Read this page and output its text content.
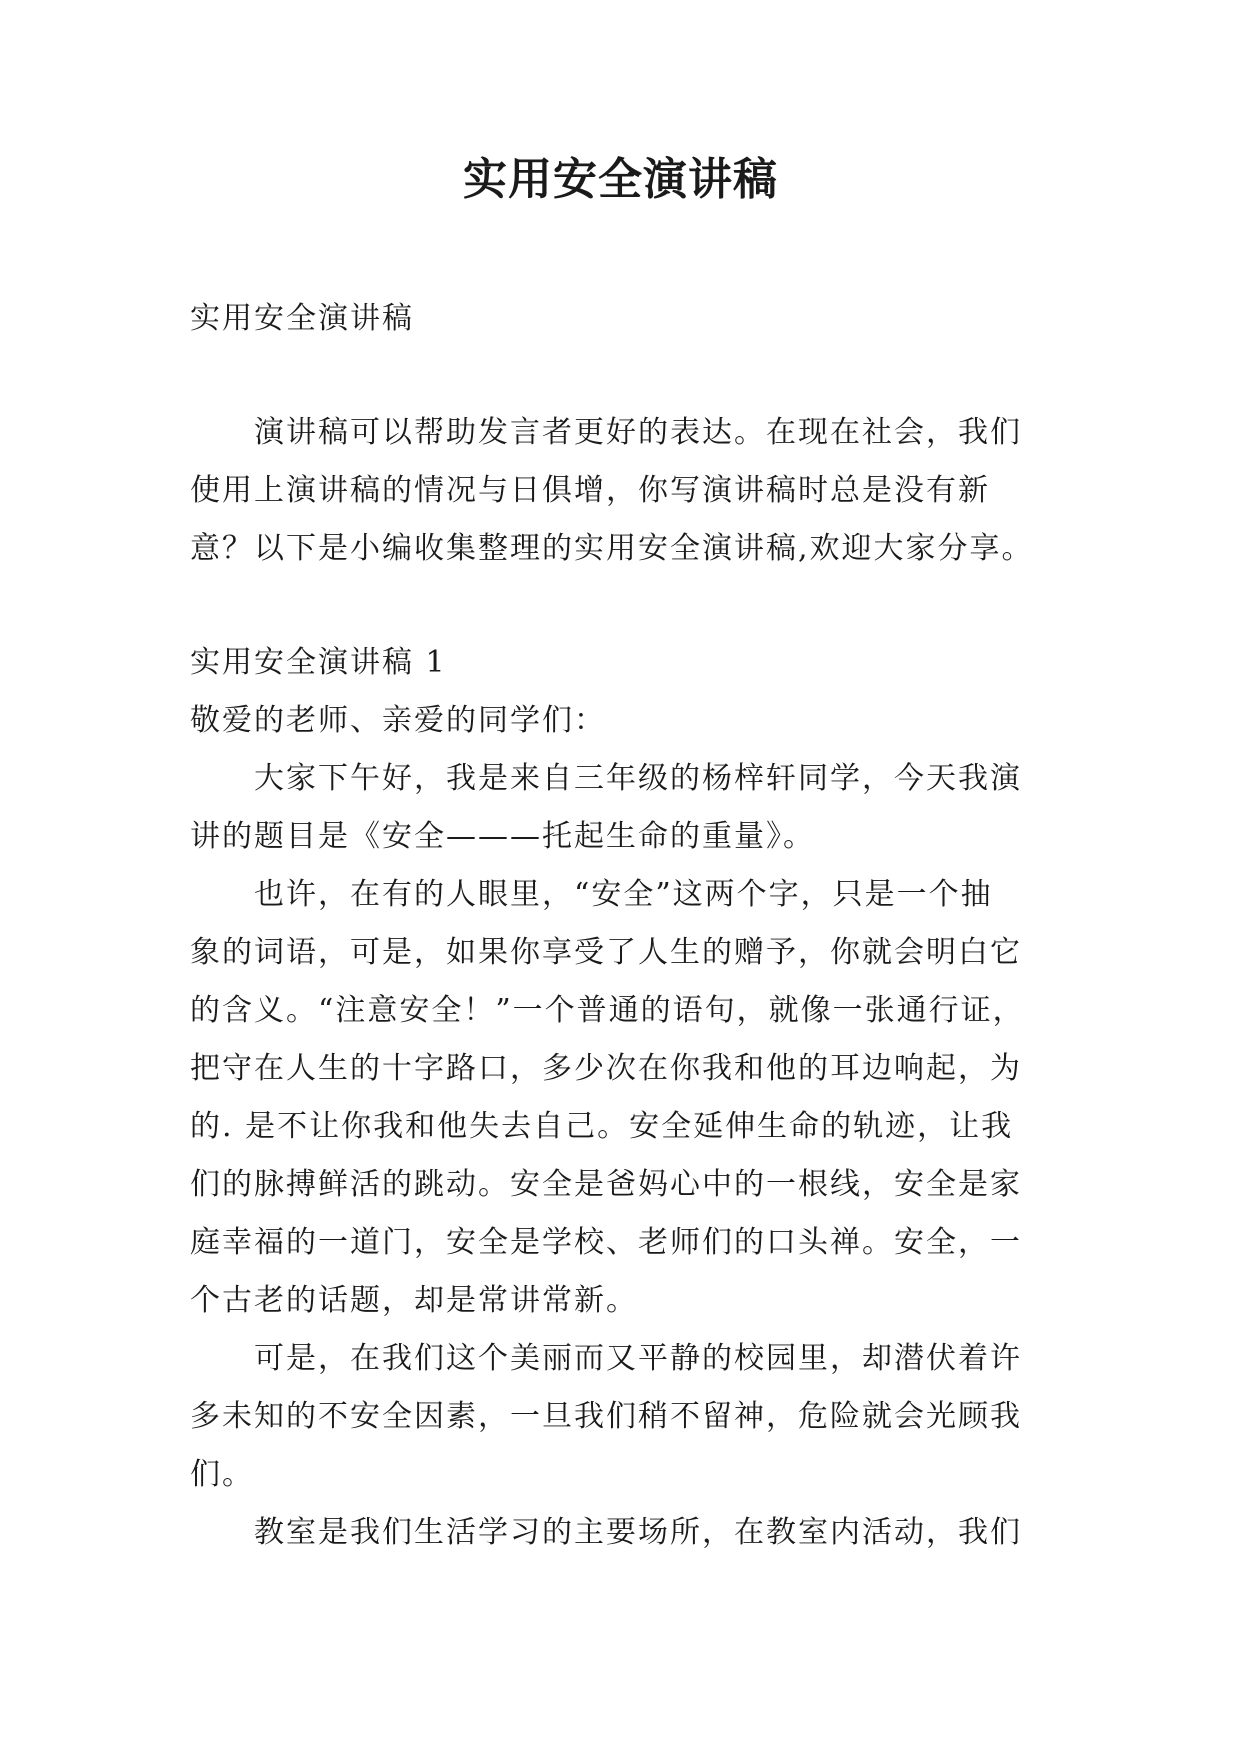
实用安全演讲稿
实用安全演讲稿
演讲稿可以帮助发言者更好的表达。在现在社会，我们
使用上演讲稿的情况与日俱增，你写演讲稿时总是没有新
意？以下是小编收集整理的实用安全演讲稿,欢迎大家分享。
实用安全演讲稿 1
敬爱的老师、亲爱的同学们：
大家下午好，我是来自三年级的杨梓轩同学，今天我演
讲的题目是《安全———托起生命的重量》。
也许，在有的人眼里，“安全”这两个字，只是一个抽
象的词语，可是，如果你享受了人生的赠予，你就会明白它
的含义。“注意安全！”一个普通的语句，就像一张通行证，
把守在人生的十字路口，多少次在你我和他的耳边响起，为
的. 是不让你我和他失去自己。安全延伸生命的轨迹，让我
们的脉搏鲜活的跳动。安全是爸妈心中的一根线，安全是家
庭幸福的一道门，安全是学校、老师们的口头禅。安全，一
个古老的话题，却是常讲常新。
可是，在我们这个美丽而又平静的校园里，却潜伏着许
多未知的不安全因素，一旦我们稍不留神，危险就会光顾我
们。
教室是我们生活学习的主要场所，在教室内活动，我们
